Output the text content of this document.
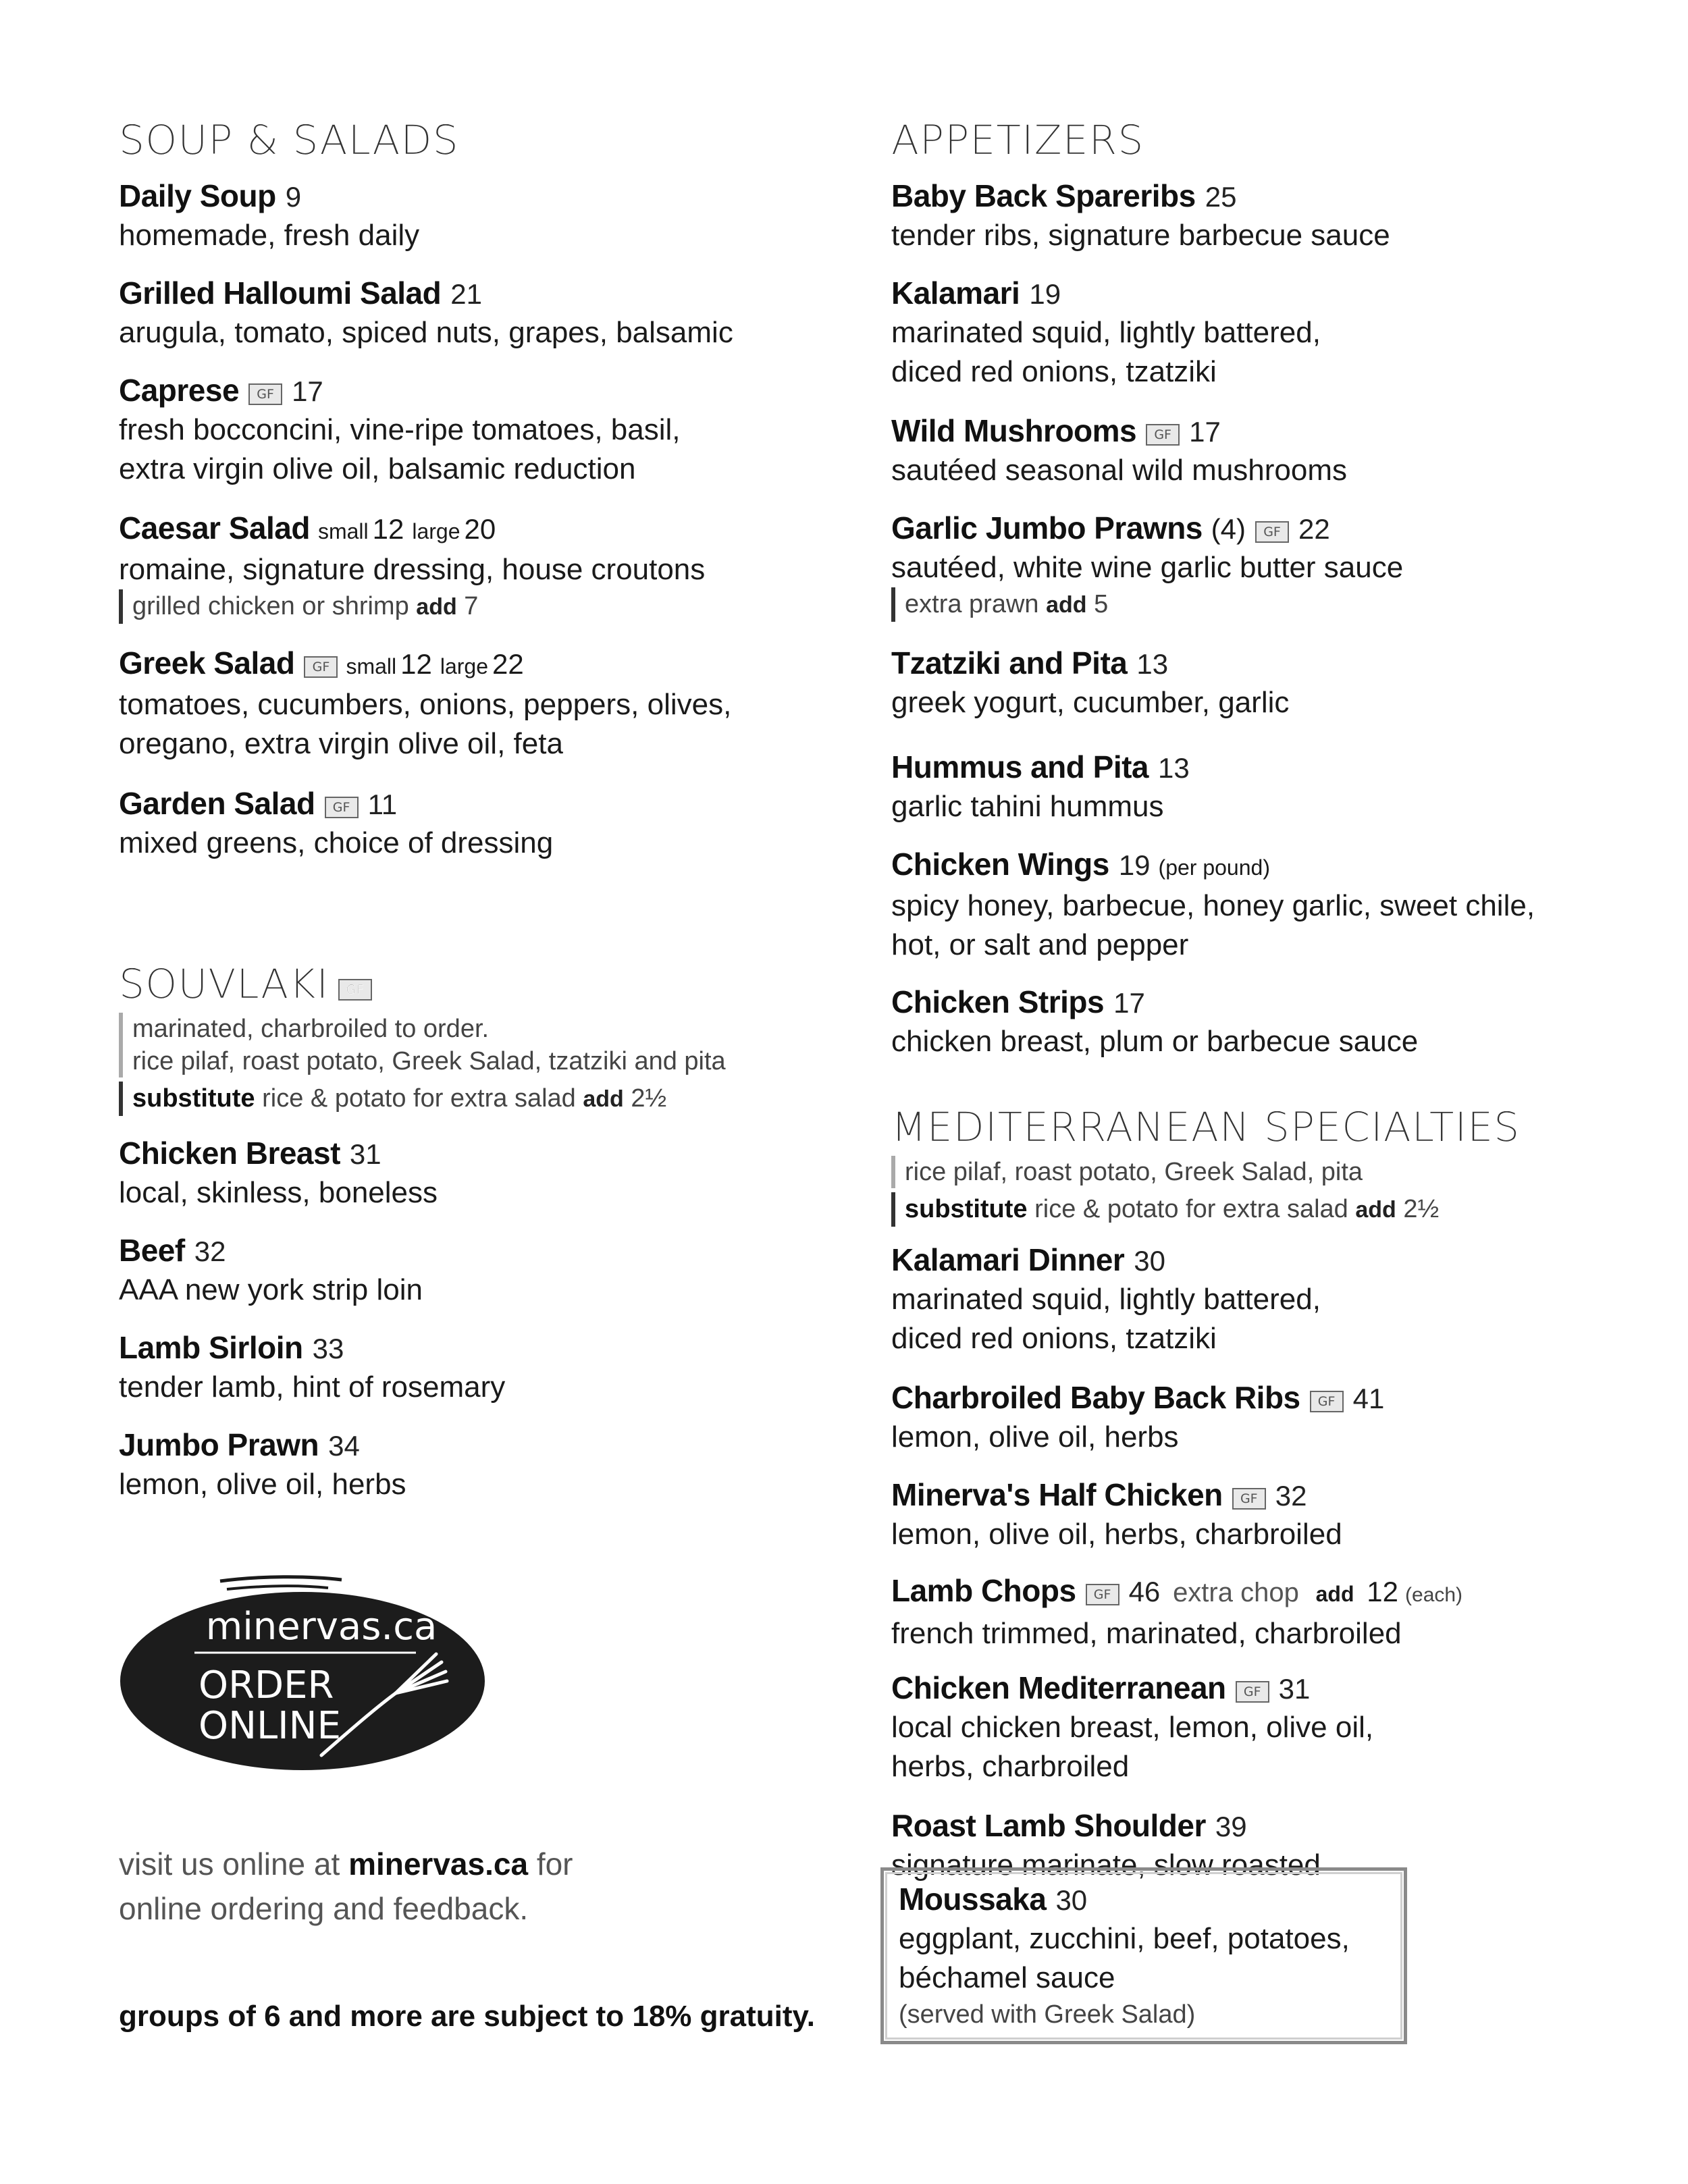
SOUP & SALADS
Daily Soup 9
homemade, fresh daily
Grilled Halloumi Salad 21
arugula, tomato, spiced nuts, grapes, balsamic
Caprese GF 17
fresh bocconcini, vine-ripe tomatoes, basil,
extra virgin olive oil, balsamic reduction
Caesar Salad small 12 large 20
romaine, signature dressing, house croutons
grilled chicken or shrimp add 7
Greek Salad GF small 12 large 22
tomatoes, cucumbers, onions, peppers, olives,
oregano, extra virgin olive oil, feta
Garden Salad GF 11
mixed greens, choice of dressing
SOUVLAKI GF
marinated, charbroiled to order.
rice pilaf, roast potato, Greek Salad, tzatziki and pita
substitute rice & potato for extra salad add 2½
Chicken Breast 31
local, skinless, boneless
Beef 32
AAA new york strip loin
Lamb Sirloin 33
tender lamb, hint of rosemary
Jumbo Prawn 34
lemon, olive oil, herbs
minervas.ca
ORDER
ONLINE
visit us online at minervas.ca for
online ordering and feedback.
groups of 6 and more are subject to 18% gratuity.
APPETIZERS
Baby Back Spareribs 25
tender ribs, signature barbecue sauce
Kalamari 19
marinated squid, lightly battered,
diced red onions, tzatziki
Wild Mushrooms GF 17
sautéed seasonal wild mushrooms
Garlic Jumbo Prawns (4) GF 22
sautéed, white wine garlic butter sauce
extra prawn add 5
Tzatziki and Pita 13
greek yogurt, cucumber, garlic
Hummus and Pita 13
garlic tahini hummus
Chicken Wings 19 (per pound)
spicy honey, barbecue, honey garlic, sweet chile,
hot, or salt and pepper
Chicken Strips 17
chicken breast, plum or barbecue sauce
MEDITERRANEAN SPECIALTIES
rice pilaf, roast potato, Greek Salad, pita
substitute rice & potato for extra salad add 2½
Kalamari Dinner 30
marinated squid, lightly battered,
diced red onions, tzatziki
Charbroiled Baby Back Ribs GF 41
lemon, olive oil, herbs
Minerva's Half Chicken GF 32
lemon, olive oil, herbs, charbroiled
Lamb Chops GF 46 extra chop add 12 (each)
french trimmed, marinated, charbroiled
Chicken Mediterranean GF 31
local chicken breast, lemon, olive oil,
herbs, charbroiled
Roast Lamb Shoulder 39
signature marinate, slow roasted
Moussaka 30
eggplant, zucchini, beef, potatoes,
béchamel sauce
(served with Greek Salad)
